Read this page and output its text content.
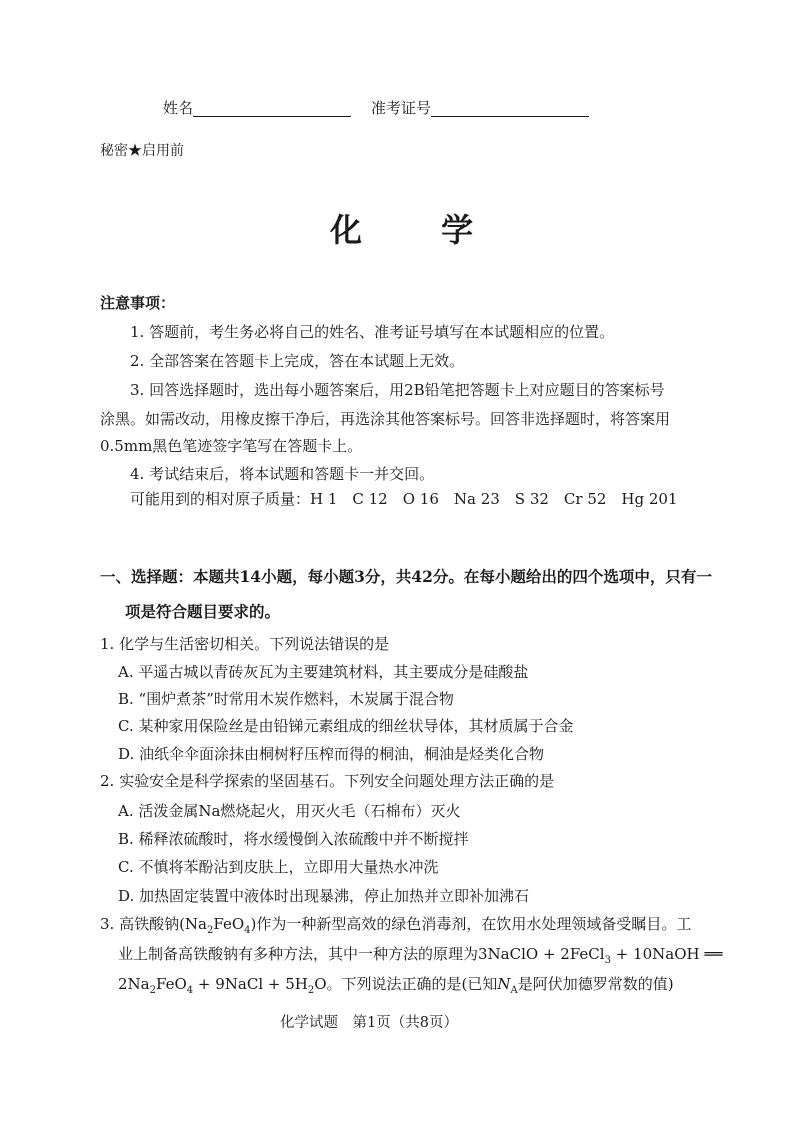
姓名	准考证号
秘密★启用前
化 学
注意事项：
1. 答题前，考生务必将自己的姓名、准考证号填写在本试题相应的位置。
2. 全部答案在答题卡上完成，答在本试题上无效。
3. 回答选择题时，选出每小题答案后，用2B铅笔把答题卡上对应题目的答案标号
涂黑。如需改动，用橡皮擦干净后，再选涂其他答案标号。回答非选择题时，将答案用
0.5mm黑色笔迹签字笔写在答题卡上。
4. 考试结束后，将本试题和答题卡一并交回。
可能用到的相对原子质量：H 1　C 12　O 16　Na 23　S 32　Cr 52　Hg 201
一、选择题：本题共14小题，每小题3分，共42分。在每小题给出的四个选项中，只有一
项是符合题目要求的。
1. 化学与生活密切相关。下列说法错误的是
A. 平遥古城以青砖灰瓦为主要建筑材料，其主要成分是硅酸盐
B. “围炉煮茶”时常用木炭作燃料，木炭属于混合物
C. 某种家用保险丝是由铅锑元素组成的细丝状导体，其材质属于合金
D. 油纸伞伞面涂抹由桐树籽压榨而得的桐油，桐油是烃类化合物
2. 实验安全是科学探索的坚固基石。下列安全问题处理方法正确的是
A. 活泼金属Na燃烧起火，用灭火毛（石棉布）灭火
B. 稀释浓硫酸时，将水缓慢倒入浓硫酸中并不断搅拌
C. 不慎将苯酚沾到皮肤上，立即用大量热水冲洗
D. 加热固定装置中液体时出现暴沸，停止加热并立即补加沸石
3. 高铁酸钠$(Na_2FeO_4)$作为一种新型高效的绿色消毒剂，在饮用水处理领域备受瞩目。工
业上制备高铁酸钠有多种方法，其中一种方法的原理为3NaClO + 2FeCl$_3$ + 10NaOH ══
$2Na_2FeO_4$ + 9NaCl + $5H_2O$。下列说法正确的是(已知$N_A$是阿伏加德罗常数的值)
化学试题　第1页（共8页）
